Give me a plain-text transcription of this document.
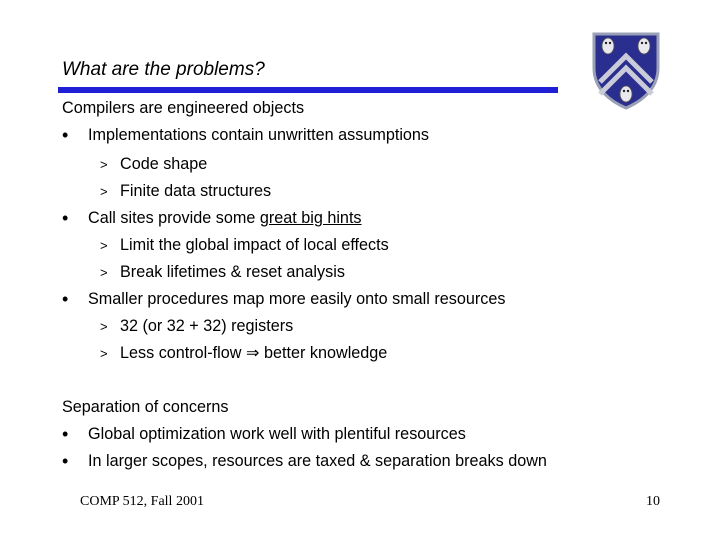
What are the problems?
Compilers are engineered objects
• Implementations contain unwritten assumptions
> Code shape
> Finite data structures
• Call sites provide some great big hints
> Limit the global impact of local effects
> Break lifetimes & reset analysis
• Smaller procedures map more easily onto small resources
> 32 (or 32 + 32) registers
> Less control-flow ⇒ better knowledge
Separation of concerns
• Global optimization work well with plentiful resources
• In larger scopes, resources are taxed & separation breaks down
COMP 512, Fall 2001	10
